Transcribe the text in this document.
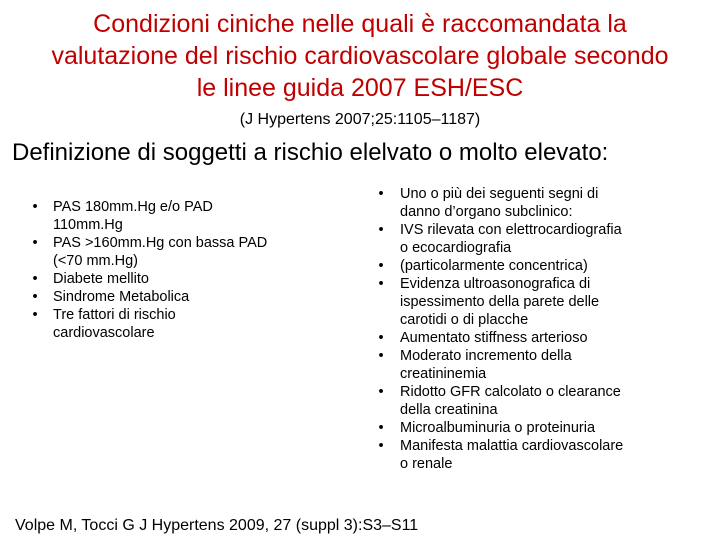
Condizioni ciniche nelle quali è raccomandata la
valutazione del rischio cardiovascolare globale secondo
le linee guida 2007 ESH/ESC
(J Hypertens 2007;25:1105–1187)
Definizione di soggetti a rischio elelvato o molto elevato:
• PAS 180mm.Hg e/o PAD
110mm.Hg
• PAS >160mm.Hg con bassa PAD
(<70 mm.Hg)
• Diabete mellito
• Sindrome Metabolica
• Tre fattori di rischio
cardiovascolare
• Uno o più dei seguenti segni di
danno d’organo subclinico:
• IVS rilevata con elettrocardiografia
o ecocardiografia
• (particolarmente concentrica)
• Evidenza ultroasonografica di
ispessimento della parete delle
carotidi o di placche
• Aumentato stiffness arterioso
• Moderato incremento della
creatininemia
• Ridotto GFR calcolato o clearance
della creatinina
• Microalbuminuria o proteinuria
• Manifesta malattia cardiovascolare
o renale
Volpe M, Tocci G J Hypertens 2009, 27 (suppl 3):S3–S11
